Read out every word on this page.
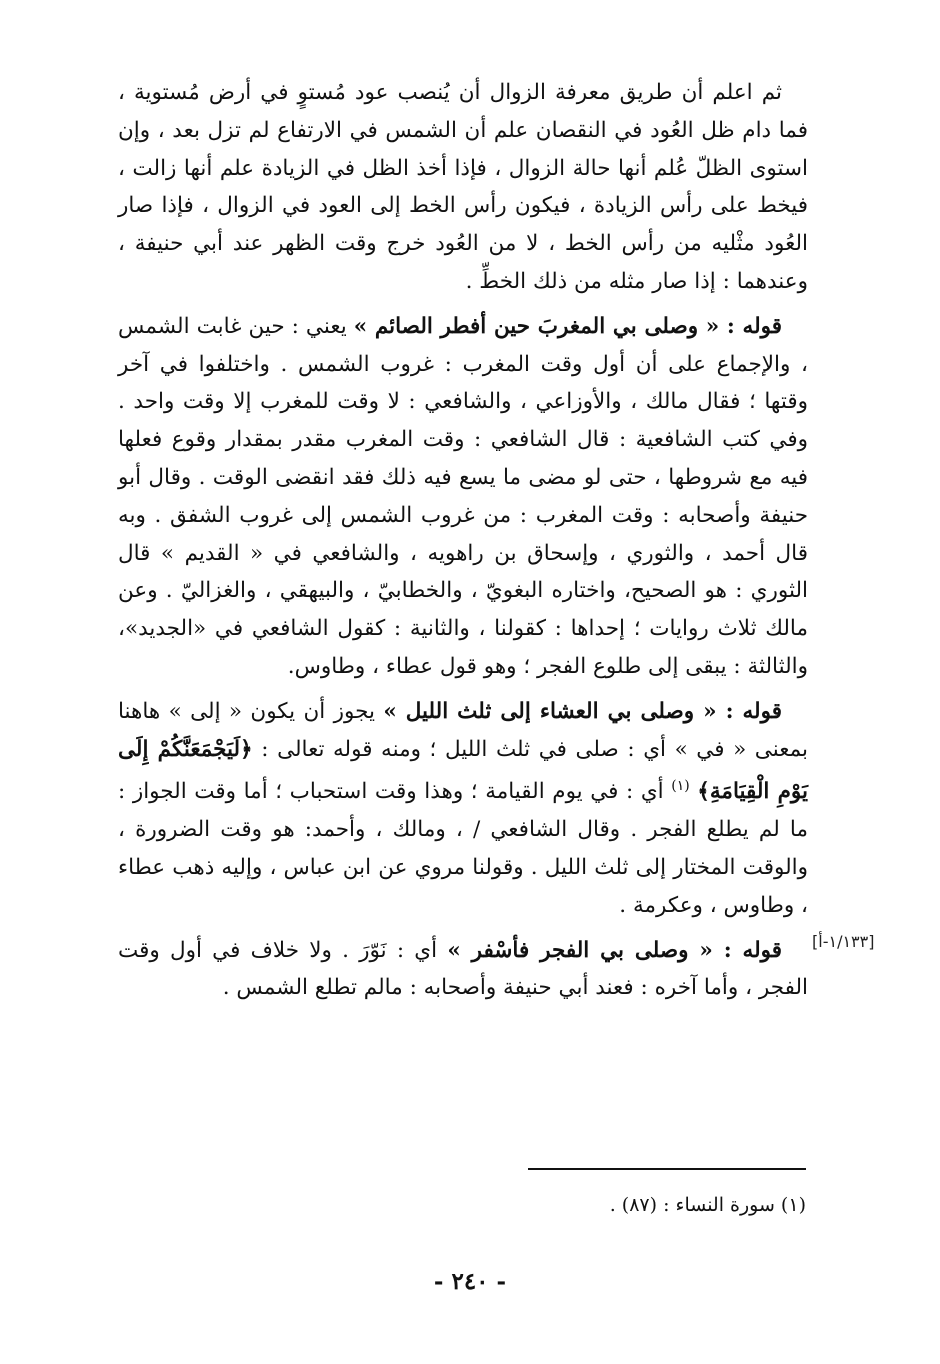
ثم اعلم أن طريق معرفة الزوال أن يُنصب عود مُستوٍ في أرض مُستوية ، فما دام ظل العُود في النقصان علم أن الشمس في الارتفاع لم تزل بعد ، وإن استوى الظلّ عُلم أنها حالة الزوال ، فإذا أخذ الظل في الزيادة علم أنها زالت ، فيخط على رأس الزيادة ، فيكون رأس الخط إلى العود في الزوال ، فإذا صار العُود مثْليه من رأس الخط ، لا من العُود خرج وقت الظهر عند أبي حنيفة ، وعندهما : إذا صار مثله من ذلك الخطِّ .

قوله : « وصلى بي المغربَ حين أفطر الصائم » يعني : حين غابت الشمس ، والإجماع على أن أول وقت المغرب : غروب الشمس . واختلفوا في آخر وقتها ؛ فقال مالك ، والأوزاعي ، والشافعي : لا وقت للمغرب إلا وقت واحد . وفي كتب الشافعية : قال الشافعي : وقت المغرب مقدر بمقدار وقوع فعلها فيه مع شروطها ، حتى لو مضى ما يسع فيه ذلك فقد انقضى الوقت . وقال أبو حنيفة وأصحابه : وقت المغرب : من غروب الشمس إلى غروب الشفق . وبه قال أحمد ، والثوري ، وإسحاق بن راهويه ، والشافعي في « القديم » قال الثوري : هو الصحيح، واختاره البغويّ ، والخطابيّ ، والبيهقي ، والغزاليّ . وعن مالك ثلاث روايات ؛ إحداها : كقولنا ، والثانية : كقول الشافعي في «الجديد»، والثالثة : يبقى إلى طلوع الفجر ؛ وهو قول عطاء ، وطاوس.

قوله : « وصلى بي العشاء إلى ثلث الليل » يجوز أن يكون « إلى » هاهنا بمعنى « في » أي : صلى في ثلث الليل ؛ ومنه قوله تعالى : ﴿لَيَجْمَعَنَّكُمْ إِلَى يَوْمِ الْقِيَامَةِ﴾ $^{(١)}$ أي : في يوم القيامة ؛ وهذا وقت استحباب ؛ أما وقت الجواز : ما لم يطلع الفجر . وقال الشافعي / ، ومالك ، وأحمد: هو وقت الضرورة ، والوقت المختار إلى ثلث الليل . وقولنا مروي عن ابن عباس ، وإليه ذهب عطاء ، وطاوس ، وعكرمة .

قوله : « وصلى بي الفجر فأسْفر » أي : نَوّرَ . ولا خلاف في أول وقت الفجر ، وأما آخره : فعند أبي حنيفة وأصحابه : مالم تطلع الشمس .

[١/١٣٣-أ]
(١) سورة النساء : (٨٧) .
- ٢٤٠ -
